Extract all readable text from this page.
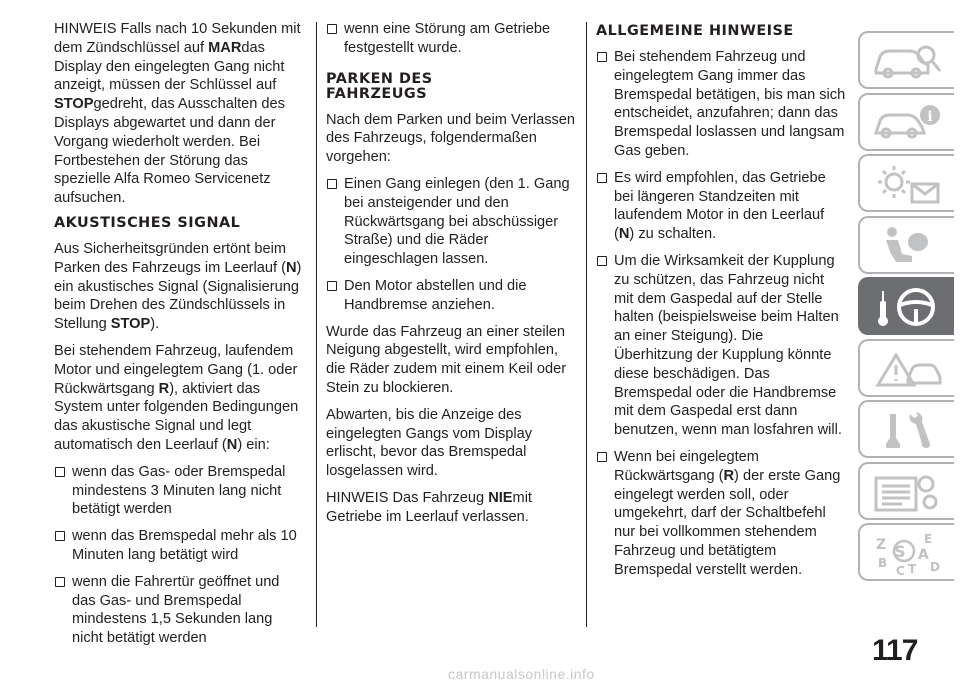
HINWEIS Falls nach 10 Sekunden mit dem Zündschlüssel auf MARdas Display den eingelegten Gang nicht anzeigt, müssen der Schlüssel auf STOPgedreht, das Ausschalten des Displays abgewartet und dann der Vorgang wiederholt werden. Bei Fortbestehen der Störung das spezielle Alfa Romeo Servicenetz aufsuchen.

AKUSTISCHES SIGNAL

Aus Sicherheitsgründen ertönt beim Parken des Fahrzeugs im Leerlauf (N) ein akustisches Signal (Signalisierung beim Drehen des Zündschlüssels in Stellung STOP).

Bei stehendem Fahrzeug, laufendem Motor und eingelegtem Gang (1. oder Rückwärtsgang R), aktiviert das System unter folgenden Bedingungen das akustische Signal und legt automatisch den Leerlauf (N) ein:

wenn das Gas- oder Bremspedal mindestens 3 Minuten lang nicht betätigt werden
wenn das Bremspedal mehr als 10 Minuten lang betätigt wird
wenn die Fahrertür geöffnet und das Gas- und Bremspedal mindestens 1,5 Sekunden lang nicht betätigt werden
wenn eine Störung am Getriebe festgestellt wurde.
PARKEN DES
FAHRZEUGS

Nach dem Parken und beim Verlassen des Fahrzeugs, folgendermaßen vorgehen:

Einen Gang einlegen (den 1. Gang bei ansteigender und den Rückwärtsgang bei abschüssiger Straße) und die Räder eingeschlagen lassen.
Den Motor abstellen und die Handbremse anziehen.

Wurde das Fahrzeug an einer steilen Neigung abgestellt, wird empfohlen, die Räder zudem mit einem Keil oder Stein zu blockieren.

Abwarten, bis die Anzeige des eingelegten Gangs vom Display erlischt, bevor das Bremspedal losgelassen wird.

HINWEIS Das Fahrzeug NIEmit Getriebe im Leerlauf verlassen.

ALLGEMEINE HINWEISE
Bei stehendem Fahrzeug und eingelegtem Gang immer das Bremspedal betätigen, bis man sich entscheidet, anzufahren; dann das Bremspedal loslassen und langsam Gas geben.
Es wird empfohlen, das Getriebe bei längeren Standzeiten mit laufendem Motor in den Leerlauf (N) zu schalten.
Um die Wirksamkeit der Kupplung zu schützen, das Fahrzeug nicht mit dem Gaspedal auf der Stelle halten (beispielsweise beim Halten an einer Steigung). Die Überhitzung der Kupplung könnte diese beschädigen. Das Bremspedal oder die Handbremse mit dem Gaspedal erst dann benutzen, wenn man losfahren will.
Wenn bei eingelegtem Rückwärtsgang (R) der erste Gang eingelegt werden soll, oder umgekehrt, darf der Schaltbefehl nur bei vollkommen stehendem Fahrzeug und betätigtem Bremspedal verstellt werden.
i
Z	E
A
S
B
C T D
117
carmanualsonline.info
